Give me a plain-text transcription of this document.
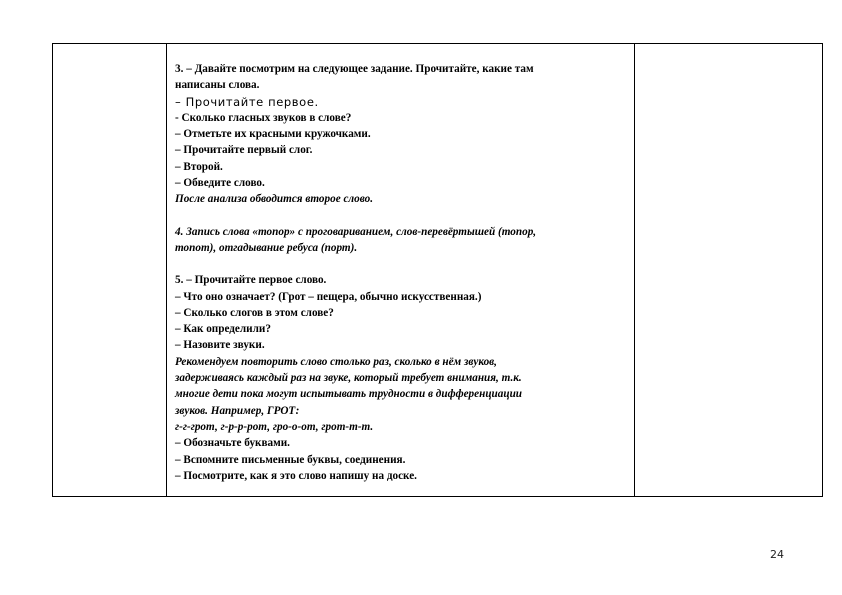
3. – Давайте посмотрим на следующее задание. Прочитайте, какие там
написаны слова.
– Прочитайте первое.
- Сколько гласных звуков в слове?
– Отметьте их красными кружочками.
– Прочитайте первый слог.
– Второй.
– Обведите слово.
После анализа обводится второе слово.
4. Запись слова «топор» с проговариванием, слов-перевёртышей (топор,
топот), отгадывание ребуса (порт).
5. – Прочитайте первое слово.
– Что оно означает? (Грот – пещера, обычно искусственная.)
– Сколько слогов в этом слове?
– Как определили?
– Назовите звуки.
Рекомендуем повторить слово столько раз, сколько в нём звуков,
задерживаясь каждый раз на звуке, который требует внимания, т.к.
многие дети пока могут испытывать трудности в дифференциации
звуков. Например, ГРОТ:
г-г-грот, г-р-р-рот, гро-о-от, грот-т-т.
– Обозначьте буквами.
– Вспомните письменные буквы, соединения.
– Посмотрите, как я это слово напишу на доске.

24
